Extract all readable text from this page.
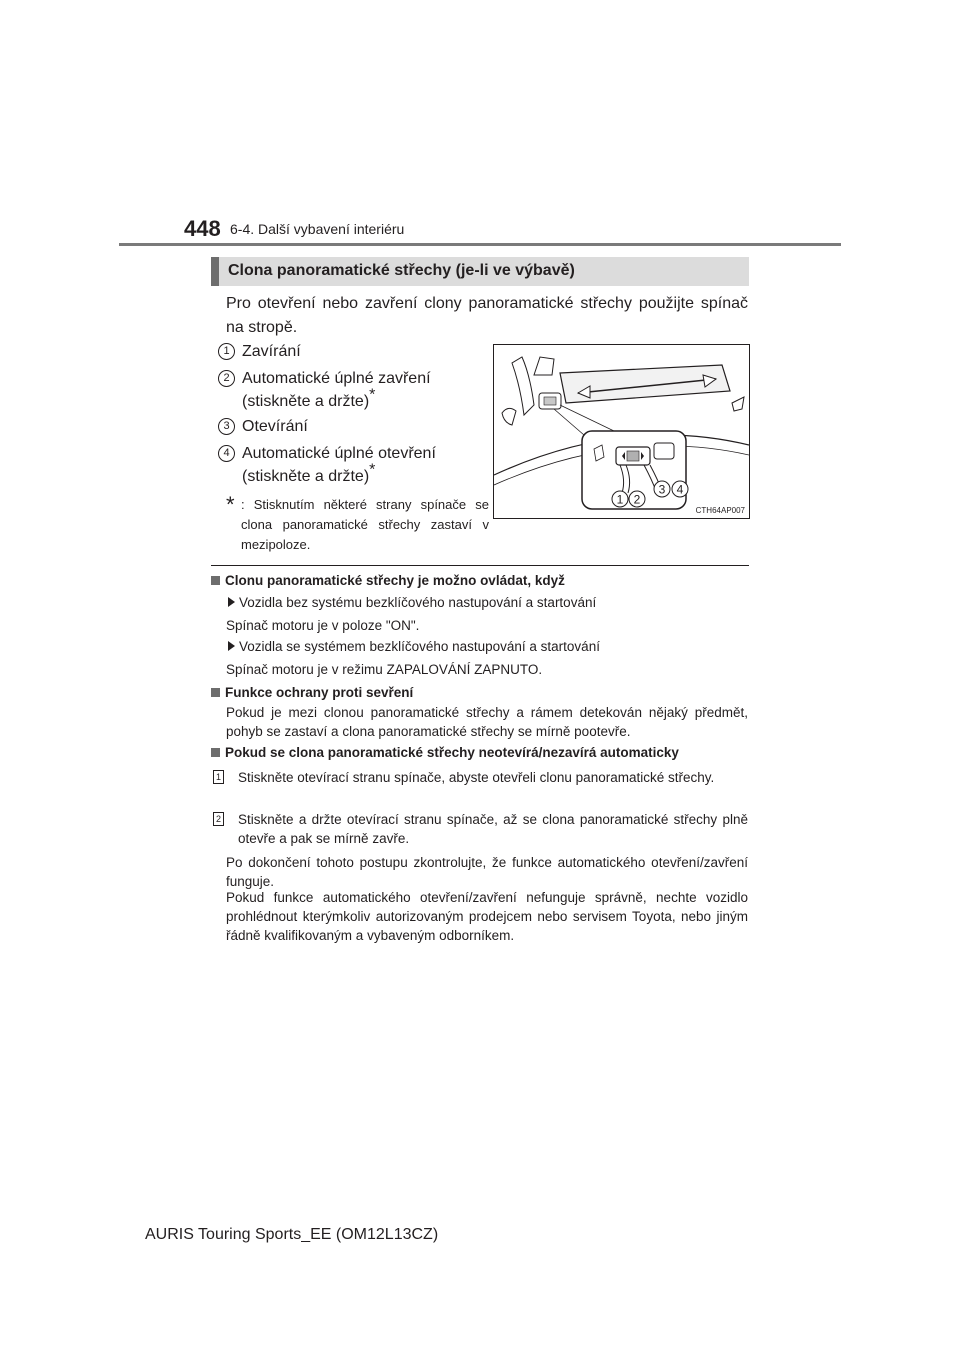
448 6-4. Další vybavení interiéru
Clona panoramatické střechy (je-li ve výbavě)
Pro otevření nebo zavření clony panoramatické střechy použijte spínač na stropě.
1 Zavírání
2 Automatické úplné zavření (stiskněte a držte)*
3 Otevírání
4 Automatické úplné otevření (stiskněte a držte)*
* : Stisknutím některé strany spínače se clona panoramatické střechy zastaví v mezipoloze.
1 2
3 4
CTH64AP007
Clonu panoramatické střechy je možno ovládat, když
Vozidla bez systému bezklíčového nastupování a startování
Spínač motoru je v poloze "ON".
Vozidla se systémem bezklíčového nastupování a startování
Spínač motoru je v režimu ZAPALOVÁNÍ ZAPNUTO.
Funkce ochrany proti sevření
Pokud je mezi clonou panoramatické střechy a rámem detekován nějaký předmět, pohyb se zastaví a clona panoramatické střechy se mírně pootevře.
Pokud se clona panoramatické střechy neotevírá/nezavírá automaticky
1	Stiskněte otevírací stranu spínače, abyste otevřeli clonu panoramatické střechy.
2	Stiskněte a držte otevírací stranu spínače, až se clona panoramatické střechy plně otevře a pak se mírně zavře.
Po dokončení tohoto postupu zkontrolujte, že funkce automatického otevření/zavření funguje.
Pokud funkce automatického otevření/zavření nefunguje správně, nechte vozidlo prohlédnout kterýmkoliv autorizovaným prodejcem nebo servisem Toyota, nebo jiným řádně kvalifikovaným a vybaveným odborníkem.
AURIS Touring Sports_EE (OM12L13CZ)
